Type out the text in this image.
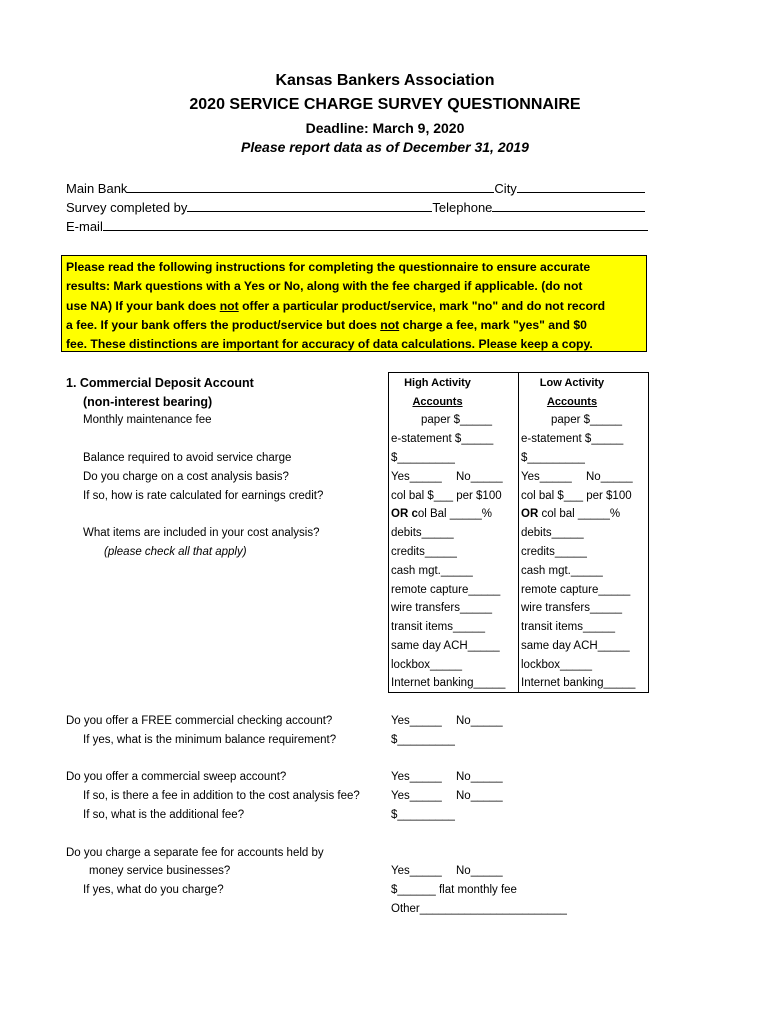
Kansas Bankers Association
2020 SERVICE CHARGE SURVEY QUESTIONNAIRE
Deadline: March 9, 2020
Please report data as of December 31, 2019
Main Bank	City
Survey completed by	Telephone
E-mail
Please read the following instructions for completing the questionnaire to ensure accurate
results: Mark questions with a Yes or No, along with the fee charged if applicable. (do not
use NA) If your bank does not offer a particular product/service, mark "no" and do not record
a fee. If your bank offers the product/service but does not charge a fee, mark "yes" and $0
fee. These distinctions are important for accuracy of data calculations. Please keep a copy.
1. Commercial Deposit Account
(non-interest bearing)
Monthly maintenance fee
Balance required to avoid service charge
Do you charge on a cost analysis basis?
If so, how is rate calculated for earnings credit?
What items are included in your cost analysis?
(please check all that apply)
High Activity
Accounts
paper $_____
e-statement $_____
$_________
Yes_____ No_____
col bal $___ per $100
OR col Bal _____%
debits_____
credits_____
cash mgt._____
remote capture_____
wire transfers_____
transit items_____
same day ACH_____
lockbox_____
Internet banking_____
Low Activity
Accounts
paper $_____
e-statement $_____
$_________
Yes_____ No_____
col bal $___ per $100
OR col bal _____%
debits_____
credits_____
cash mgt._____
remote capture_____
wire transfers_____
transit items_____
same day ACH_____
lockbox_____
Internet banking_____
Do you offer a FREE commercial checking account?
If yes, what is the minimum balance requirement?
Yes_____ No_____
$_________
Do you offer a commercial sweep account?
If so, is there a fee in addition to the cost analysis fee?
If so, what is the additional fee?
Yes_____ No_____
Yes_____ No_____
$_________
Do you charge a separate fee for accounts held by
money service businesses?
If yes, what do you charge?
Yes_____ No_____
$______ flat monthly fee
Other_______________________
